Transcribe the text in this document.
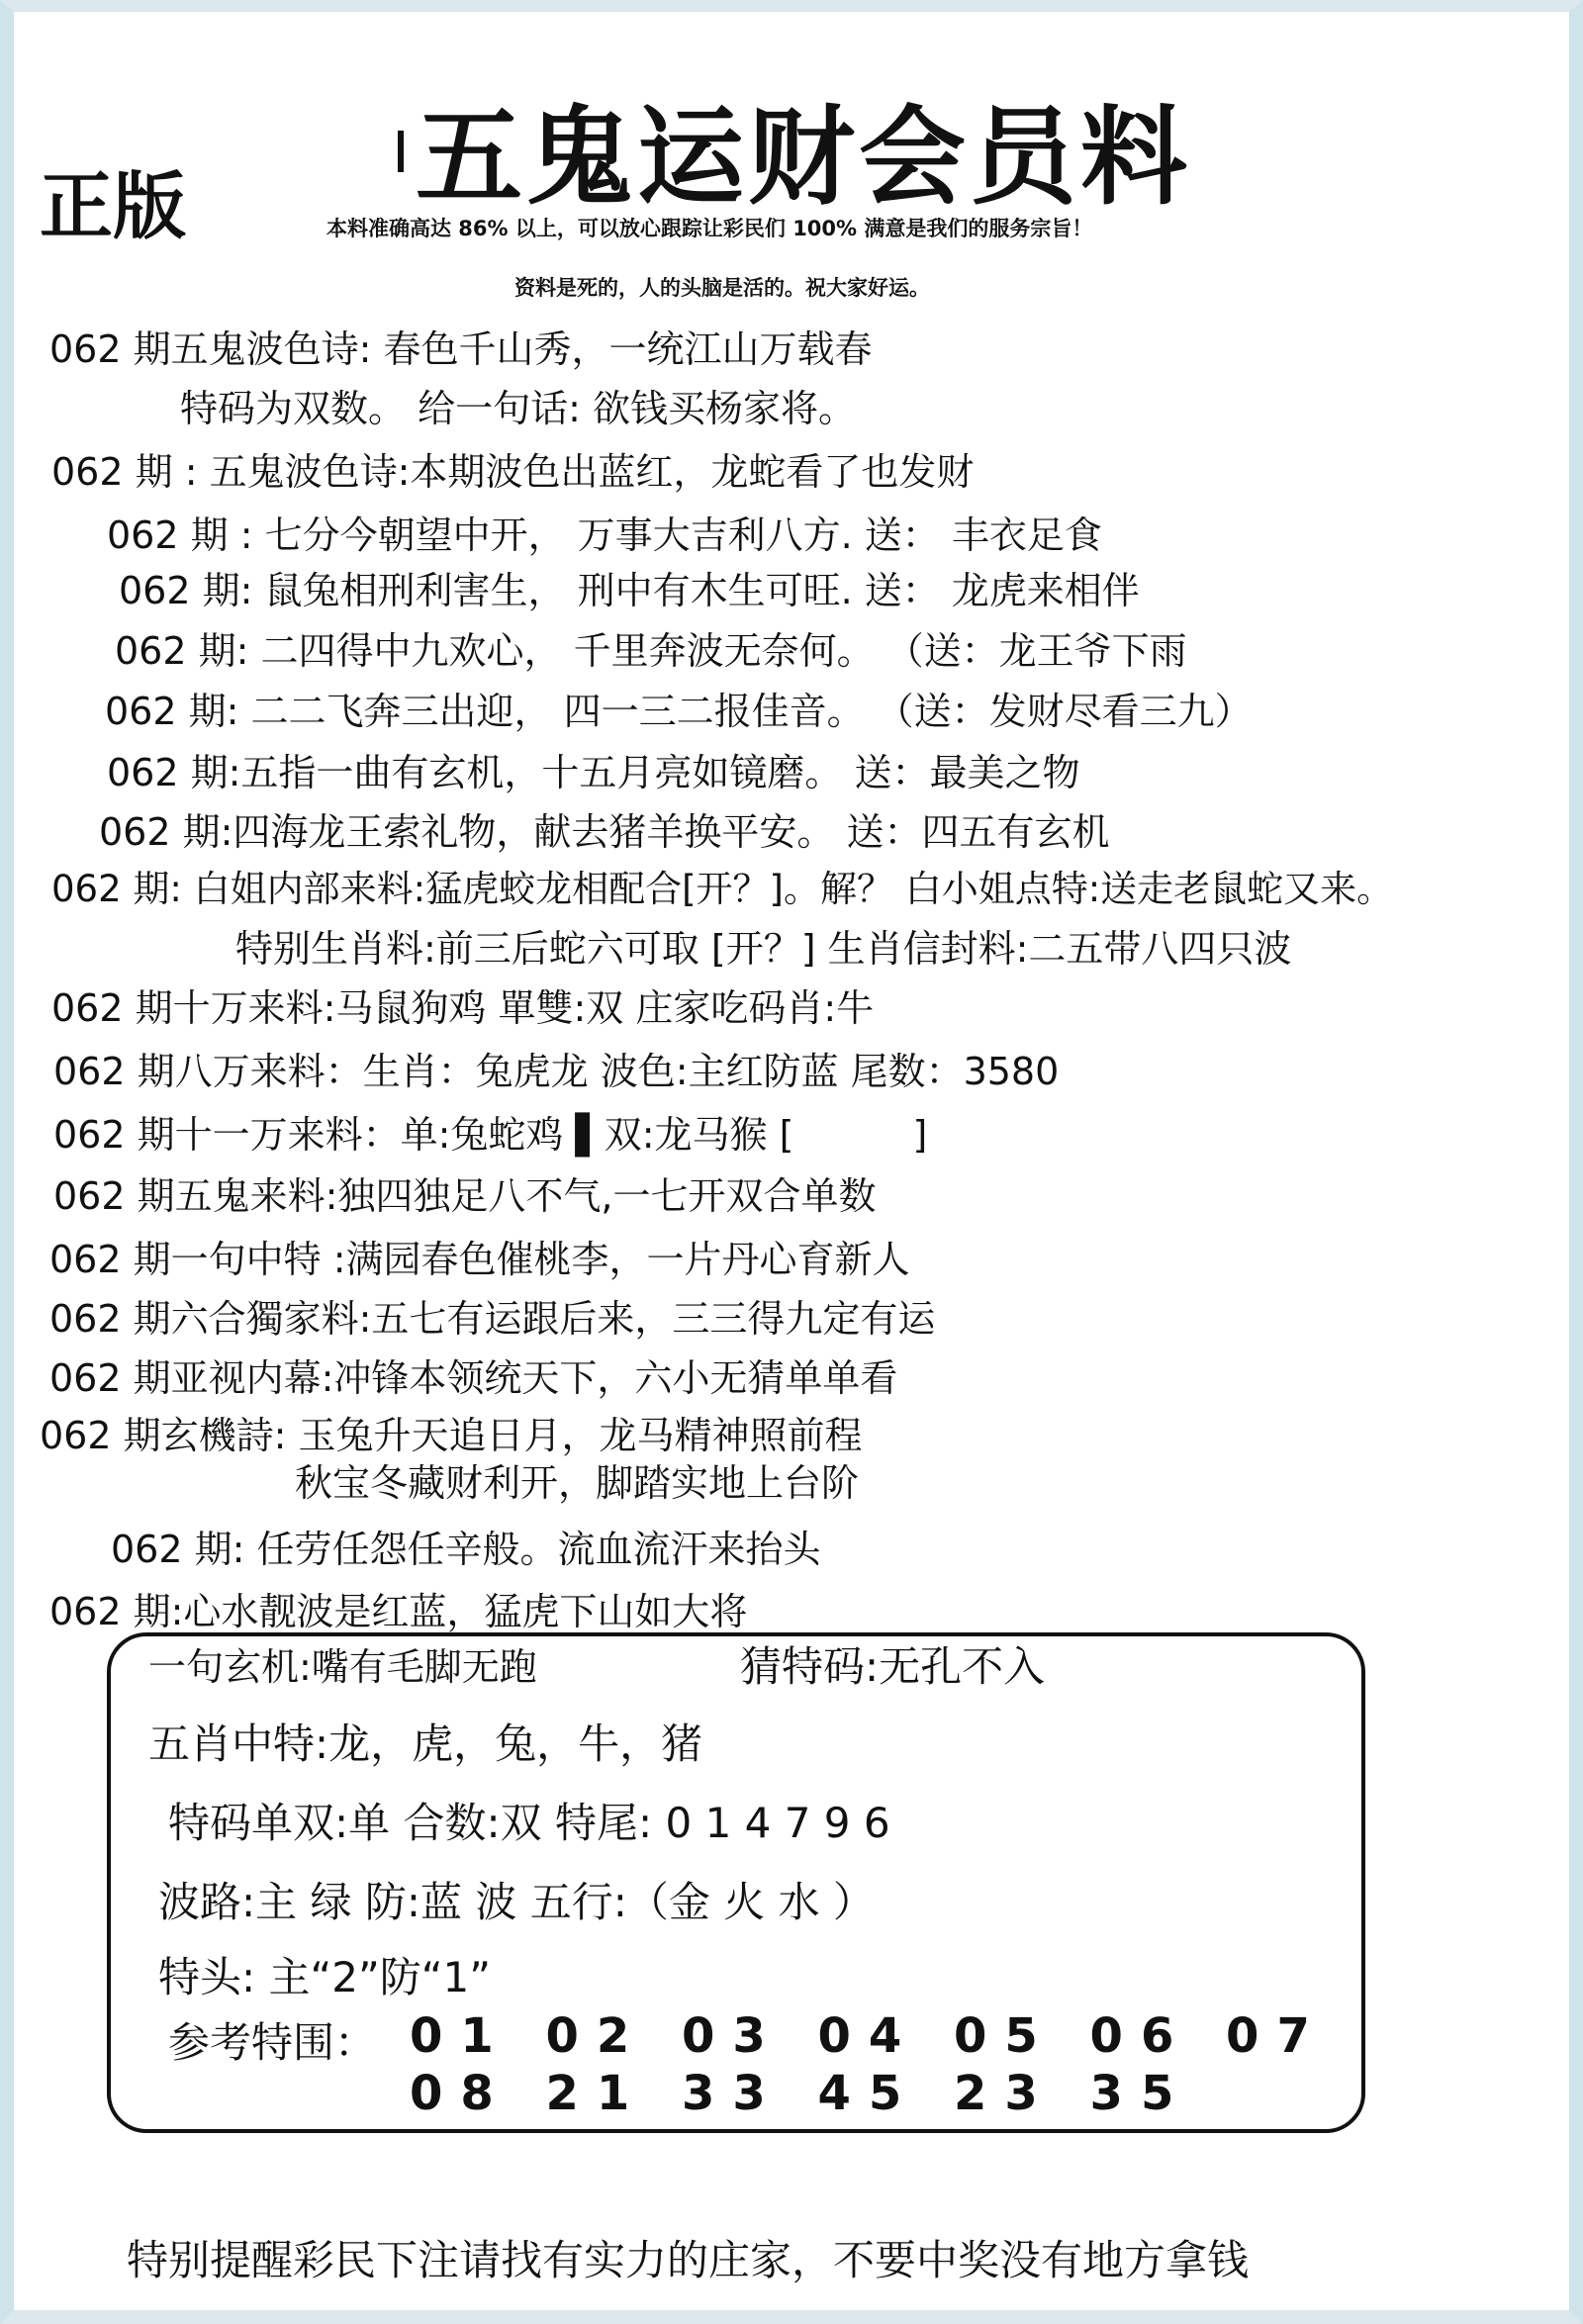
正版 五鬼运财会员料
本料准确高达 86% 以上，可以放心跟踪让彩民们 100% 满意是我们的服务宗旨！
资料是死的，人的头脑是活的。祝大家好运。
062 期五鬼波色诗: 春色千山秀，一统江山万载春
特码为双数。 给一句话: 欲钱买杨家将。
062 期 : 五鬼波色诗:本期波色出蓝红，龙蛇看了也发财
062 期 : 七分今朝望中开， 万事大吉利八方. 送： 丰衣足食
062 期: 鼠兔相刑利害生， 刑中有木生可旺. 送： 龙虎来相伴
062 期: 二四得中九欢心， 千里奔波无奈何。 （送：龙王爷下雨
062 期: 二二飞奔三出迎， 四一三二报佳音。 （送：发财尽看三九）
062 期:五指一曲有玄机，十五月亮如镜磨。 送：最美之物
062 期:四海龙王索礼物，献去猪羊换平安。 送：四五有玄机
062 期: 白姐内部来料:猛虎蛟龙相配合[开？]。解？ 白小姐点特:送走老鼠蛇又来。
特别生肖料:前三后蛇六可取 [开？] 生肖信封料:二五带八四只波
062 期十万来料:马鼠狗鸡 單雙:双 庄家吃码肖:牛
062 期八万来料：生肖：兔虎龙 波色:主红防蓝 尾数：3580
062 期十一万来料：单:兔蛇鸡 ▌双:龙马猴 [	]
062 期五鬼来料:独四独足八不气,一七开双合单数
062 期一句中特 :满园春色催桃李，一片丹心育新人
062 期六合獨家料:五七有运跟后来，三三得九定有运
062 期亚视内幕:冲锋本领统天下，六小无猜单单看
062 期玄機詩: 玉兔升天追日月，龙马精神照前程
秋宝冬藏财利开，脚踏实地上台阶
062 期: 任劳任怨任辛般。流血流汗来抬头
062 期:心水靓波是红蓝，猛虎下山如大将
一句玄机:嘴有毛脚无跑	猜特码:无孔不入
五肖中特:龙，虎，兔，牛，猪
特码单双:单 合数:双 特尾: 0 1 4 7 9 6
波路:主 绿 防:蓝 波 五行:（金 火 水 ）
特头: 主“2”防“1”
参考特围： 01 02 03 04 05 06 07
08 21 33 45 23 35
特别提醒彩民下注请找有实力的庄家，不要中奖没有地方拿钱
